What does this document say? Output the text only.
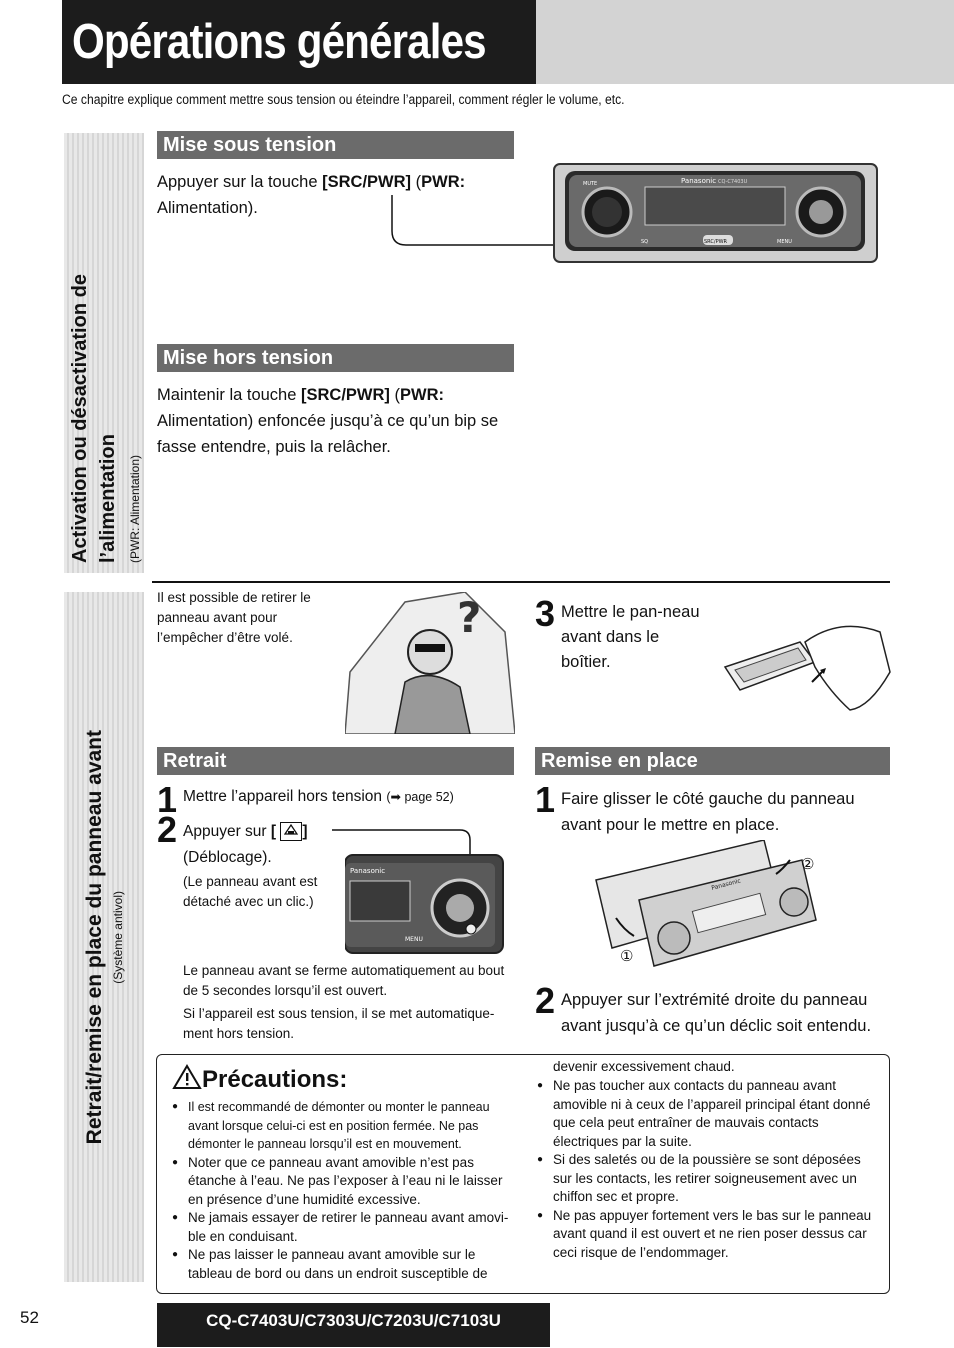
Opérations générales
Ce chapitre explique comment mettre sous tension ou éteindre l’appareil, comment régler le volume, etc.
(PWR: Alimentation)
Activation ou désactivation de l’alimentation
Mise sous tension
Appuyer sur la touche [SRC/PWR] (PWR:
Alimentation).
Panasonic CQ-C7403U
SRC/PWR	MENU
MUTE
SQ
Mise hors tension
Maintenir la touche [SRC/PWR] (PWR:
Alimentation) enfoncée jusqu’à ce qu’un bip se fasse entendre, puis la relâcher.
(Système antivol)
Retrait/remise en place du panneau avant
Il est possible de retirer le panneau avant pour l’empêcher d’être volé.	? 3 Mettre le pan-neau avant dans le boîtier.
Retrait
1 Mettre l’appareil hors tension (➡ page 52)
2 Appuyer sur [ ]
(Déblocage).
(Le panneau avant est détaché avec un clic.)
Panasonic
MENU
Le panneau avant se ferme automatiquement au bout de 5 secondes lorsqu’il est ouvert.
Si l’appareil est sous tension, il se met automatique-ment hors tension.
Remise en place
1 Faire glisser le côté gauche du panneau avant pour le mettre en place.
Panasonic
①
②
2 Appuyer sur l’extrémité droite du panneau avant jusqu’à ce qu’un déclic soit entendu.
Précautions:
● Il est recommandé de démonter ou monter le panneau avant lorsque celui-ci est en position fermée. Ne pas démonter le panneau lorsqu’il est en mouvement.
● Noter que ce panneau avant amovible n’est pas étanche à l’eau. Ne pas l’exposer à l’eau ni le laisser en présence d’une humidité excessive.
● Ne jamais essayer de retirer le panneau avant amovi-ble en conduisant.
● Ne pas laisser le panneau avant amovible sur le tableau de bord ou dans un endroit susceptible de
devenir excessivement chaud.
● Ne pas toucher aux contacts du panneau avant amovible ni à ceux de l’appareil principal étant donné que cela peut entraîner de mauvais contacts électriques par la suite.
● Si des saletés ou de la poussière se sont déposées sur les contacts, les retirer soigneusement avec un chiffon sec et propre.
● Ne pas appuyer fortement vers le bas sur le panneau avant quand il est ouvert et ne rien poser dessus car ceci risque de l’endommager.
52	CQ-C7403U/C7303U/C7203U/C7103U
